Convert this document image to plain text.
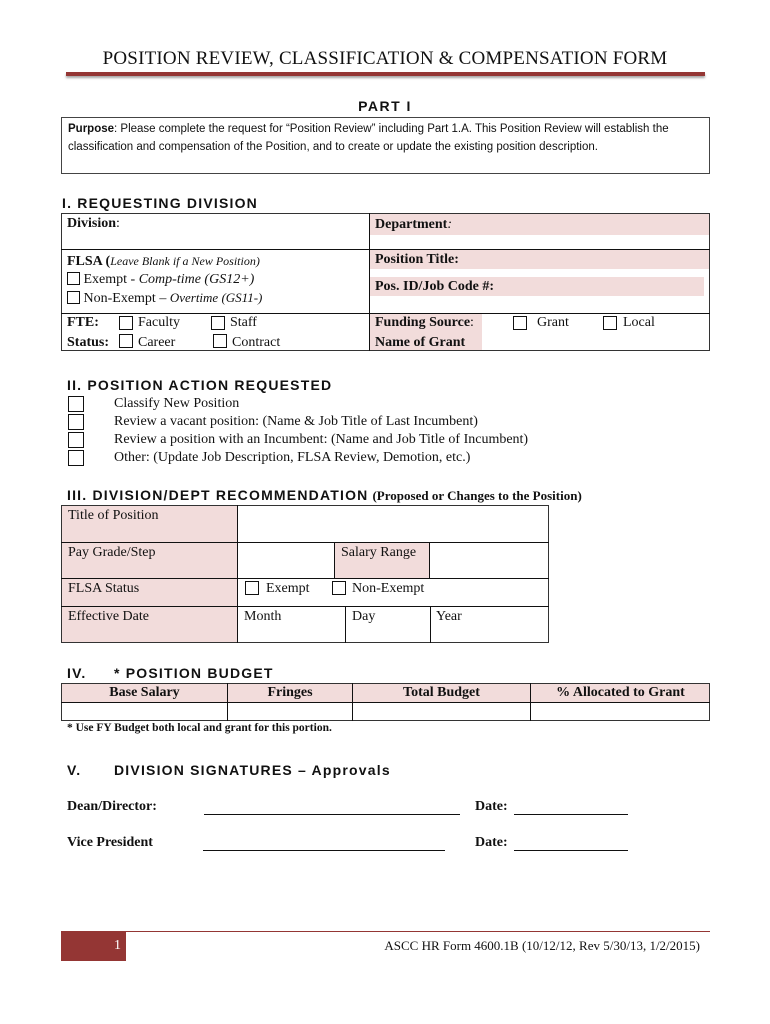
POSITION REVIEW, CLASSIFICATION & COMPENSATION FORM
PART I
Purpose: Please complete the request for “Position Review” including Part 1.A. This Position Review will establish the classification and compensation of the Position, and to create or update the existing position description.
I. REQUESTING DIVISION
Division:	Department:
FLSA (Leave Blank if a New Position)
Exempt - Comp-time (GS12+)
Non-Exempt – Overtime (GS11-)
Position Title:
Pos. ID/Job Code #:
FTE:	Faculty	Staff
Status: Career	Contract
Funding Source:	Grant	Local
Name of Grant
II. POSITION ACTION REQUESTED
Classify New Position
Review a vacant position: (Name & Job Title of Last Incumbent)
Review a position with an Incumbent: (Name and Job Title of Incumbent)
Other: (Update Job Description, FLSA Review, Demotion, etc.)
III. DIVISION/DEPT RECOMMENDATION (Proposed or Changes to the Position)
Title of Position
Pay Grade/Step	Salary Range
FLSA Status	Exempt	Non-Exempt
Effective Date	Month	Day	Year
IV. * POSITION BUDGET
Base Salary	Fringes	Total Budget	% Allocated to Grant
* Use FY Budget both local and grant for this portion.
V. DIVISION SIGNATURES – Approvals
Dean/Director:	Date:
Vice President	Date:
1	ASCC HR Form 4600.1B (10/12/12, Rev 5/30/13, 1/2/2015)
